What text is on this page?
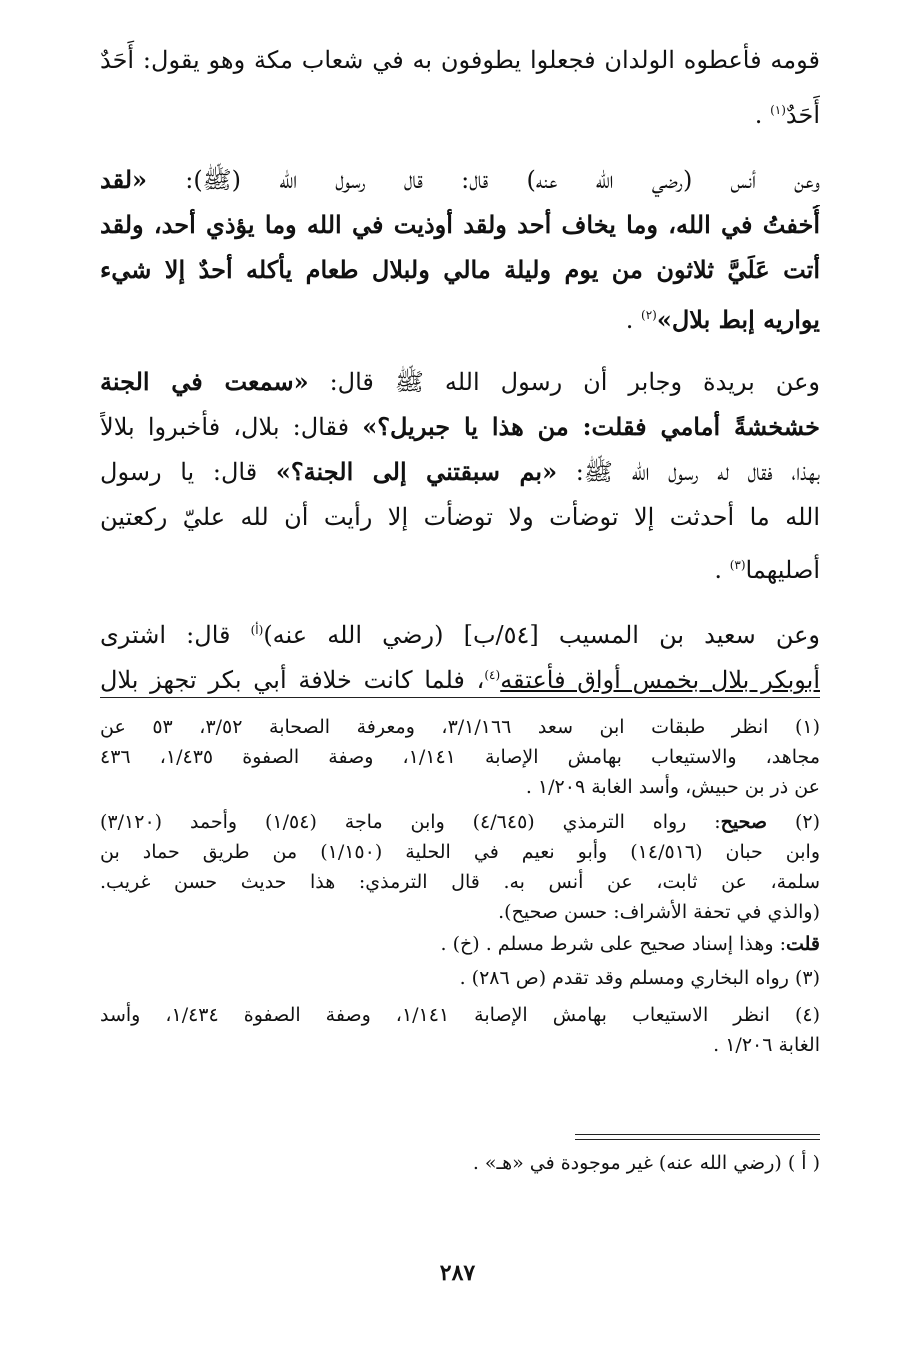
قومه فأعطوه الولدان فجعلوا يطوفون به في شعاب مكة وهو يقول: أَحَدٌ
أَحَدٌ$^{(١)}$ .
وعن أنس (رضي الله عنه) قال: قال رسول الله (ﷺ): «لقد
أُخفتُ في الله، وما يخاف أحد ولقد أوذيت في الله وما يؤذي أحد، ولقد
أتت عَلَيَّ ثلاثون من يوم وليلة مالي ولبلال طعام يأكله أحدٌ إلا شيء
يواريه إبط بلال»$^{(٢)}$ .
وعن بريدة وجابر أن رسول الله ﷺ قال: «سمعت في الجنة
خشخشةً أمامي فقلت: من هذا يا جبريل؟» فقال: بلال، فأخبروا بلالاً
بهذا، فقال له رسول الله ﷺ: «بم سبقتني إلى الجنة؟» قال: يا رسول
الله ما أحدثت إلا توضأت ولا توضأت إلا رأيت أن لله عليّ ركعتين
أصليهما$^{(٣)}$ .
وعن سعيد بن المسيب [٥٤/ب] (رضي الله عنه)$^{(أ)}$ قال: اشترى
أبوبكر بلال بخمس أواق فأعتقه$^{(٤)}$، فلما كانت خلافة أبي بكر تجهز بلال
(١) انظر طبقات ابن سعد ٣/١/١٦٦، ومعرفة الصحابة ٣/٥٢، ٥٣ عن
مجاهد، والاستيعاب بهامش الإصابة ١/١٤١، وصفة الصفوة ١/٤٣٥، ٤٣٦
عن ذر بن حبيش، وأسد الغابة ١/٢٠٩ .
(٢) صحيح: رواه الترمذي (٤/٦٤٥) وابن ماجة (١/٥٤) وأحمد (٣/١٢٠)
وابن حبان (١٤/٥١٦) وأبو نعيم في الحلية (١/١٥٠) من طريق حماد بن
سلمة، عن ثابت، عن أنس به. قال الترمذي: هذا حديث حسن غريب.
(والذي في تحفة الأشراف: حسن صحيح).
قلت: وهذا إسناد صحيح على شرط مسلم . (خ) .
(٣) رواه البخاري ومسلم وقد تقدم (ص ٢٨٦) .
(٤) انظر الاستيعاب بهامش الإصابة ١/١٤١، وصفة الصفوة ١/٤٣٤، وأسد
الغابة ١/٢٠٦ .
( أ ) (رضي الله عنه) غير موجودة في «هـ» .
٢٨٧
